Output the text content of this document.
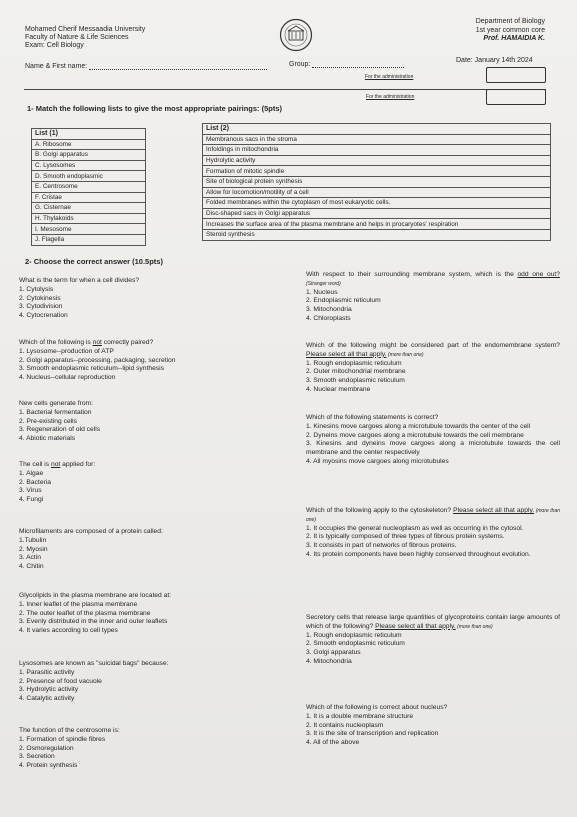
Mohamed Cherif Messaadia University
Faculty of Nature & Life Sciences
Exam: Cell Biology
Department of Biology
1st year common core
Prof. HAMAIDIA K.
Name & First name:	Group:
Date: January 14th 2024
For the administration
For the administration
1- Match the following lists to give the most appropriate pairings: (5pts)
List (1)
A. Ribosome
B. Golgi apparatus
C. Lysosomes
D. Smooth endoplasmic
E. Centrosome
F. Cristae
G. Cisternae
H. Thylakoids
I. Mesosome
J. Flagella
List (2)
Membranous sacs in the stroma
Infoldings in mitochondria
Hydrolytic activity
Formation of mitotic spindle
Site of biological protein synthesis
Allow for locomotion/motility of a cell
Folded membranes within the cytoplasm of most eukaryotic cells.
Disc-shaped sacs in Golgi apparatus
Increases the surface area of the plasma membrane and helps in procaryotes' respiration
Steroid synthesis
2- Choose the correct answer (10.5pts)
What is the term for when a cell divides?
1. Cytolysis
2. Cytokinesis
3. Cytodivision
4. Cytocrenation
Which of the following is not correctly paired?
1. Lysosome--production of ATP
2. Golgi apparatus--processing, packaging, secretion
3. Smooth endoplasmic reticulum--lipid synthesis
4. Nucleus--cellular reproduction
New cells generate from:
1. Bacterial fermentation
2. Pre-existing cells
3. Regeneration of old cells
4. Abiotic materials
The cell is not applied for:
1. Algae
2. Bacteria
3. Virus
4. Fungi
Microfilaments are composed of a protein called:
1.Tubulin
2. Myosin
3. Actin
4. Chitin
Glycolipids in the plasma membrane are located at:
1. Inner leaflet of the plasma membrane
2. The outer leaflet of the plasma membrane
3. Evenly distributed in the inner and outer leaflets
4. It varies according to cell types
Lysosomes are known as "suicidal bags" because:
1. Parasitic activity
2. Presence of food vacuole
3. Hydrolytic activity
4. Catalytic activity
The function of the centrosome is:
1. Formation of spindle fibres
2. Osmoregulation
3. Secretion
4. Protein synthesis
With respect to their surrounding membrane system, which is the odd one out? (Stranger word)
1. Nucleus
2. Endoplasmic reticulum
3. Mitochondria
4. Chloroplasts
Which of the following might be considered part of the endomembrane system? Please select all that apply. (more than one)
1. Rough endoplasmic reticulum
2. Outer mitochondrial membrane
3. Smooth endoplasmic reticulum
4. Nuclear membrane
Which of the following statements is correct?
1. Kinesins move cargoes along a microtubule towards the center of the cell
2. Dyneins move cargoes along a microtubule towards the cell membrane
3. Kinesins and dyneins move cargoes along a microtubule towards the cell membrane and the center respectively
4. All myosins move cargoes along microtubules
Which of the following apply to the cytoskeleton? Please select all that apply. (more than one)
1. It occupies the general nucleoplasm as well as occurring in the cytosol.
2. It is typically composed of three types of fibrous protein systems.
3. It consists in part of networks of fibrous proteins.
4. Its protein components have been highly conserved throughout evolution.
Secretory cells that release large quantities of glycoproteins contain large amounts of which of the following? Please select all that apply. (more than one)
1. Rough endoplasmic reticulum
2. Smooth endoplasmic reticulum
3. Golgi apparatus
4. Mitochondria
Which of the following is correct about nucleus?
1. It is a double membrane structure
2. It contains nucleoplasm
3. It is the site of transcription and replication
4. All of the above
